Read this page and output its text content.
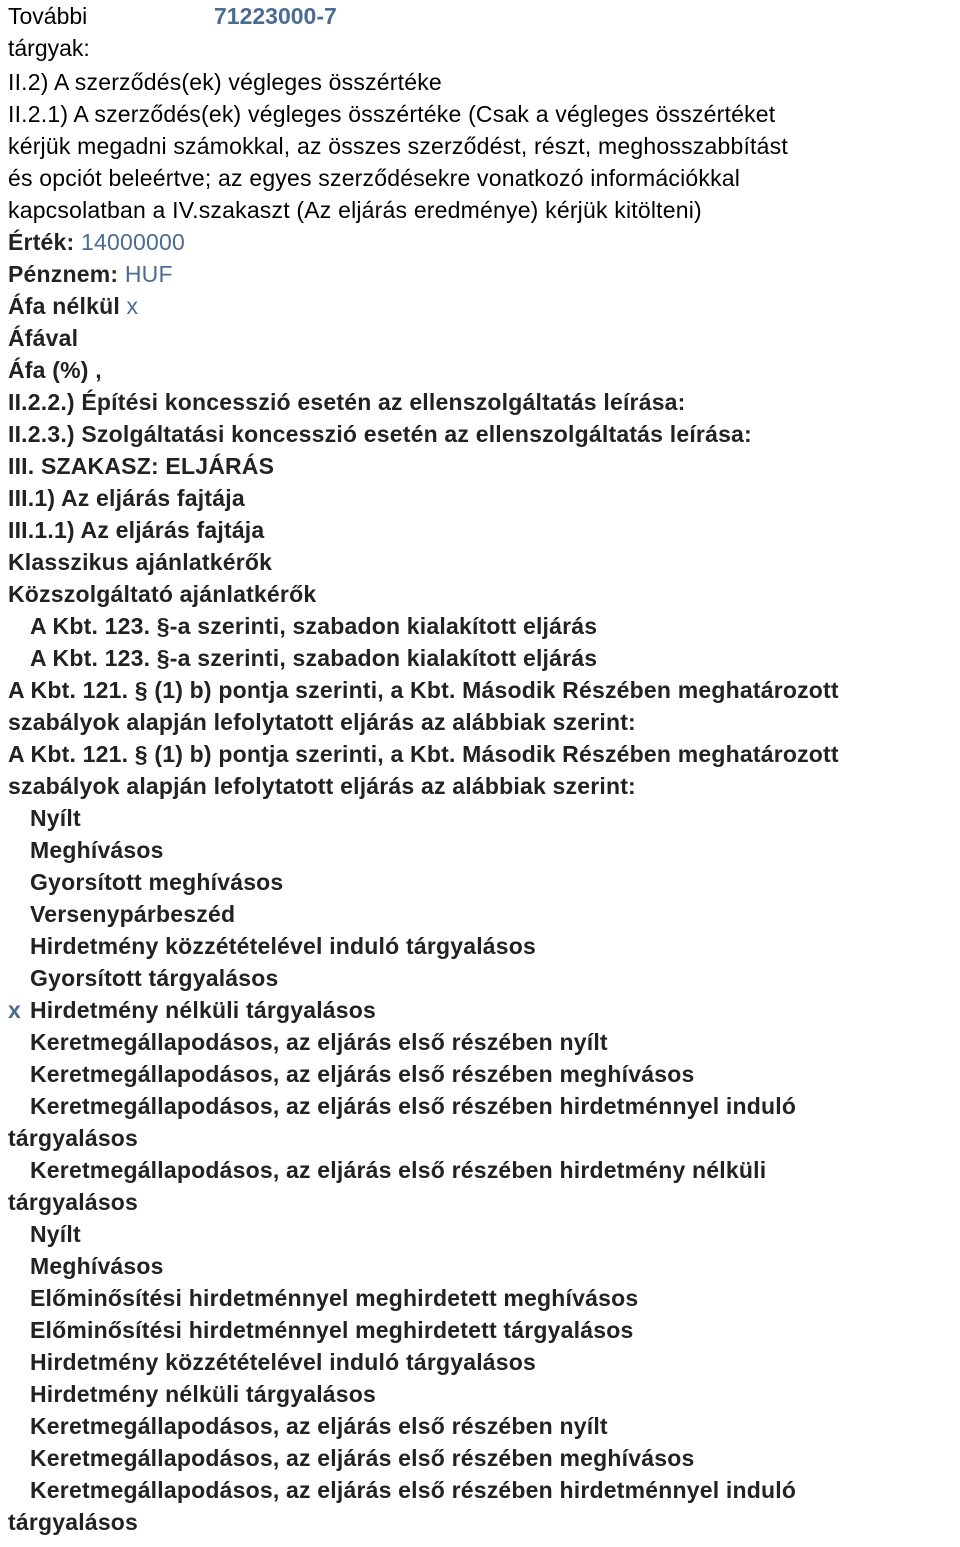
További tárgyak:
71223000-7
II.2) A szerződés(ek) végleges összértéke
II.2.1) A szerződés(ek) végleges összértéke (Csak a végleges összértéket
kérjük megadni számokkal, az összes szerződést, részt, meghosszabbítást
és opciót beleértve; az egyes szerződésekre vonatkozó információkkal
kapcsolatban a IV.szakaszt (Az eljárás eredménye) kérjük kitölteni)
Érték: 14000000
Pénznem: HUF
Áfa nélkül x
Áfával
Áfa (%) ,
II.2.2.) Építési koncesszió esetén az ellenszolgáltatás leírása:
II.2.3.) Szolgáltatási koncesszió esetén az ellenszolgáltatás leírása:
III. SZAKASZ: ELJÁRÁS
III.1) Az eljárás fajtája
III.1.1) Az eljárás fajtája
Klasszikus ajánlatkérők
Közszolgáltató ajánlatkérők
A Kbt. 123. §-a szerinti, szabadon kialakított eljárás
A Kbt. 123. §-a szerinti, szabadon kialakított eljárás
A Kbt. 121. § (1) b) pontja szerinti, a Kbt. Második Részében meghatározott
szabályok alapján lefolytatott eljárás az alábbiak szerint:
A Kbt. 121. § (1) b) pontja szerinti, a Kbt. Második Részében meghatározott
szabályok alapján lefolytatott eljárás az alábbiak szerint:
Nyílt
Meghívásos
Gyorsított meghívásos
Versenypárbeszéd
Hirdetmény közzétételével induló tárgyalásos
Gyorsított tárgyalásos
x Hirdetmény nélküli tárgyalásos
Keretmegállapodásos, az eljárás első részében nyílt
Keretmegállapodásos, az eljárás első részében meghívásos
Keretmegállapodásos, az eljárás első részében hirdetménnyel induló
tárgyalásos
Keretmegállapodásos, az eljárás első részében hirdetmény nélküli
tárgyalásos
Nyílt
Meghívásos
Előminősítési hirdetménnyel meghirdetett meghívásos
Előminősítési hirdetménnyel meghirdetett tárgyalásos
Hirdetmény közzétételével induló tárgyalásos
Hirdetmény nélküli tárgyalásos
Keretmegállapodásos, az eljárás első részében nyílt
Keretmegállapodásos, az eljárás első részében meghívásos
Keretmegállapodásos, az eljárás első részében hirdetménnyel induló
tárgyalásos
